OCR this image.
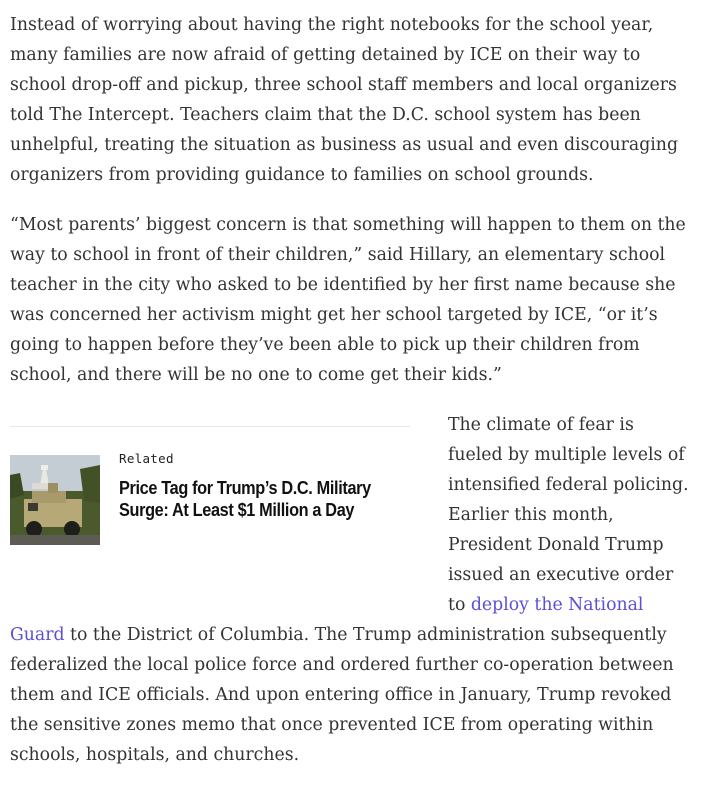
Instead of worrying about having the right notebooks for the school year, many families are now afraid of getting detained by ICE on their way to school drop-off and pickup, three school staff members and local organizers told The Intercept. Teachers claim that the D.C. school system has been unhelpful, treating the situation as business as usual and even discouraging organizers from providing guidance to families on school grounds.

“Most parents’ biggest concern is that something will happen to them on the way to school in front of their children,” said Hillary, an elementary school teacher in the city who asked to be identified by her first name because she was concerned her activism might get her school targeted by ICE, “or it’s going to happen before they’ve been able to pick up their children from school, and there will be no one to come get their kids.”

Related
Price Tag for Trump’s D.C. Military Surge: At Least $1 Million a Day

The climate of fear is fueled by multiple levels of intensified federal policing. Earlier this month, President Donald Trump issued an executive order to deploy the National Guard to the District of Columbia. The Trump administration subsequently federalized the local police force and ordered further co-operation between them and ICE officials. And upon entering office in January, Trump revoked the sensitive zones memo that once prevented ICE from operating within schools, hospitals, and churches.
